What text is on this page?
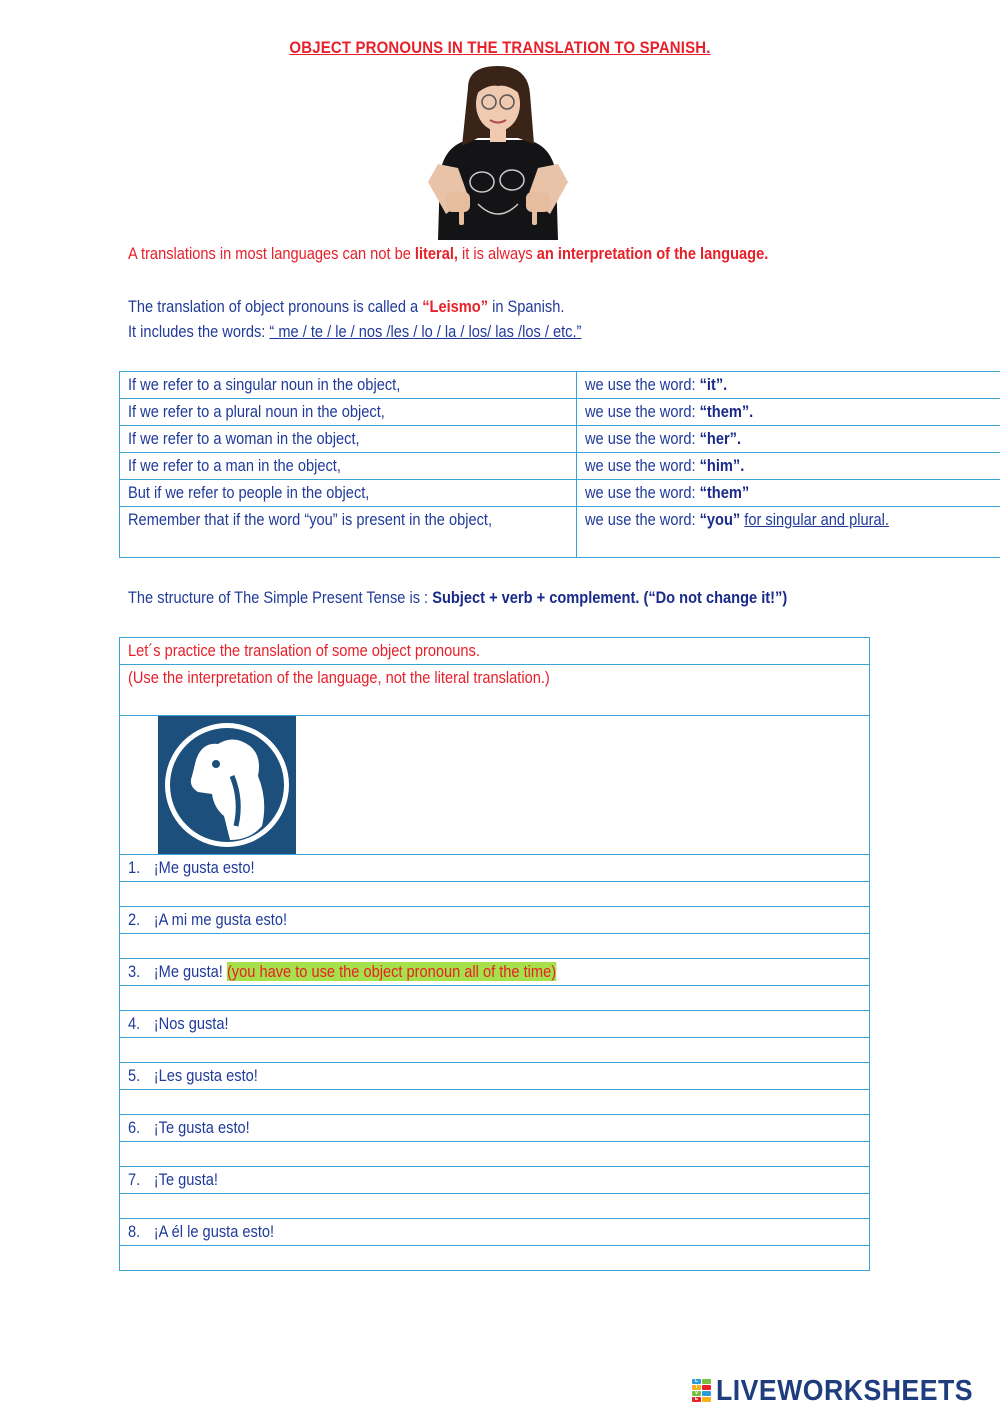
OBJECT PRONOUNS IN THE TRANSLATION TO SPANISH.
A translations in most languages can not be literal, it is always an interpretation of the language.
The translation of object pronouns is called a “Leismo” in Spanish.
It includes the words: “ me / te / le / nos /les / lo / la / los/ las /los / etc.”
If we refer to a singular noun in the object,	we use the word: “it”.

If we refer to a plural noun in the object,	we use the word: “them”.

If we refer to a woman in the object,	we use the word: “her”.

If we refer to a man in the object,	we use the word: “him”.

But if we refer to people in the object,	we use the word: “them”

Remember that if the word “you” is present in the object,	we use the word: “you” for singular and plural.
The structure of The Simple Present Tense is : Subject + verb + complement. (“Do not change it!”)
Let´s practice the translation of some object pronouns.

(Use the interpretation of the language, not the literal translation.)

1. ¡Me gusta esto!

2. ¡A mi me gusta esto!

3. ¡Me gusta! (you have to use the object pronoun all of the time)

4. ¡Nos gusta!

5. ¡Les gusta esto!

6. ¡Te gusta esto!

7. ¡Te gusta!

8. ¡A él le gusta esto!

L
I
V
E LIVEWORKSHEETS
